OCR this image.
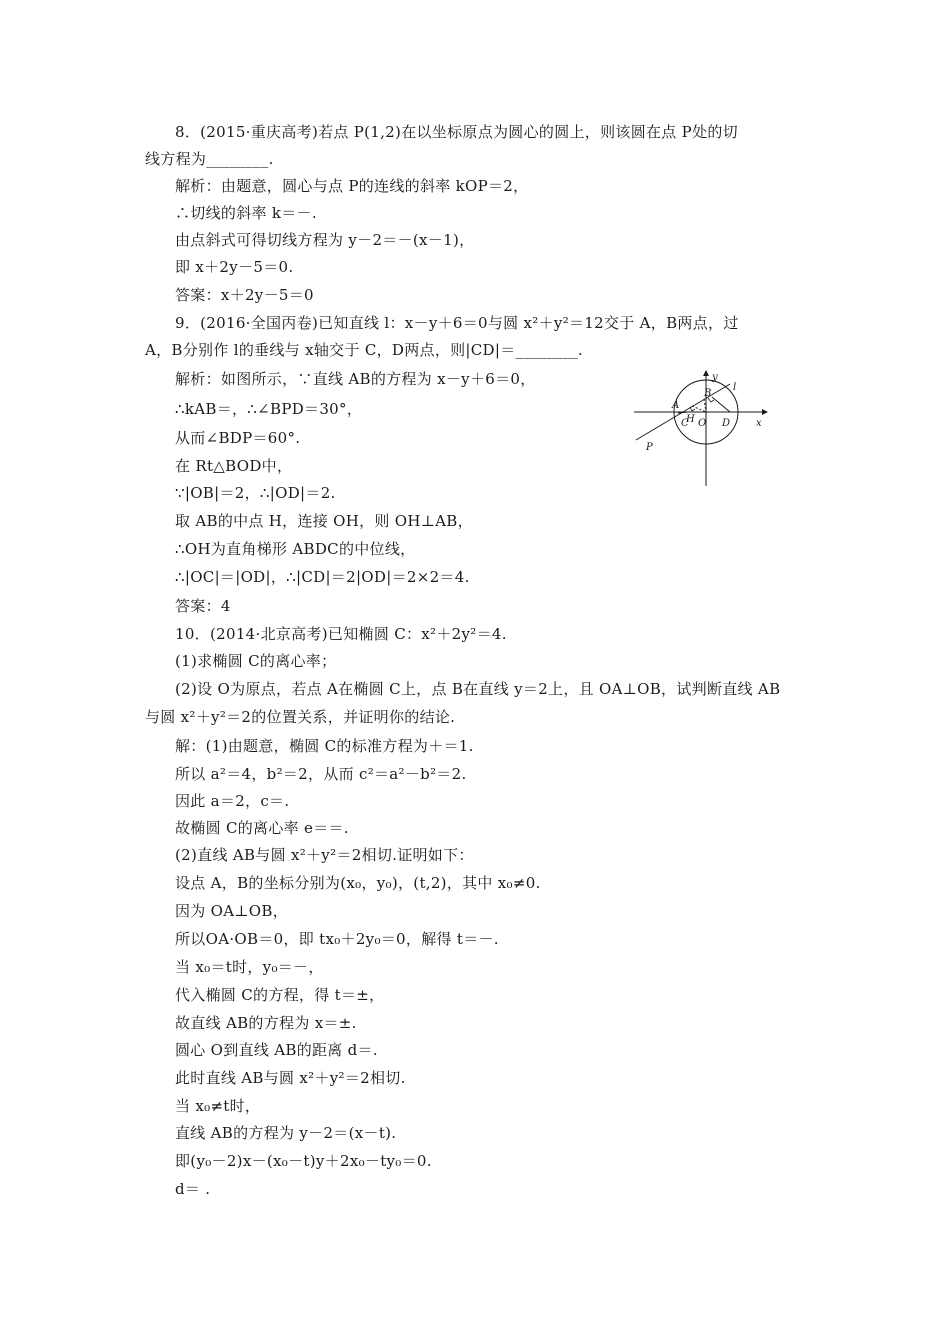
8．(2015·重庆高考)若点 P(1,2)在以坐标原点为圆心的圆上，则该圆在点 P处的切
线方程为________.
解析：由题意，圆心与点 P的连线的斜率 kOP＝2，
∴切线的斜率 k＝－.
由点斜式可得切线方程为 y－2＝－(x－1)，
即 x＋2y－5＝0.
答案：x＋2y－5＝0
9．(2016·全国丙卷)已知直线 l：x－y＋6＝0与圆 x²＋y²＝12交于 A，B两点，过
A，B分别作 l的垂线与 x轴交于 C，D两点，则|CD|＝________.
解析：如图所示，∵直线 AB的方程为 x－y＋6＝0，
∴kAB＝，∴∠BPD＝30°，
从而∠BDP＝60°.
在 Rt△BOD中，
∵|OB|＝2，∴|OD|＝2.
取 AB的中点 H，连接 OH，则 OH⊥AB，
∴OH为直角梯形 ABDC的中位线，
∴|OC|＝|OD|，∴|CD|＝2|OD|＝2×2＝4.
答案：4
10．(2014·北京高考)已知椭圆 C：x²＋2y²＝4.
(1)求椭圆 C的离心率；
(2)设 O为原点，若点 A在椭圆 C上，点 B在直线 y＝2上，且 OA⊥OB，试判断直线 AB
与圆 x²＋y²＝2的位置关系，并证明你的结论.
解：(1)由题意，椭圆 C的标准方程为＋＝1.
所以 a²＝4，b²＝2，从而 c²＝a²－b²＝2.
因此 a＝2，c＝.
故椭圆 C的离心率 e＝＝.
(2)直线 AB与圆 x²＋y²＝2相切.证明如下：
设点 A，B的坐标分别为(x₀，y₀)，(t,2)，其中 x₀≠0.
因为 OA⊥OB，
所以OA·OB＝0，即 tx₀＋2y₀＝0，解得 t＝－.
当 x₀＝t时，y₀＝－，
代入椭圆 C的方程，得 t＝±，
故直线 AB的方程为 x＝±.
圆心 O到直线 AB的距离 d＝.
此时直线 AB与圆 x²＋y²＝2相切.
当 x₀≠t时，
直线 AB的方程为 y－2＝(x－t).
即(y₀－2)x－(x₀－t)y＋2x₀－ty₀＝0.
d＝ .
y
l
B
A
H
P
C O D	x
